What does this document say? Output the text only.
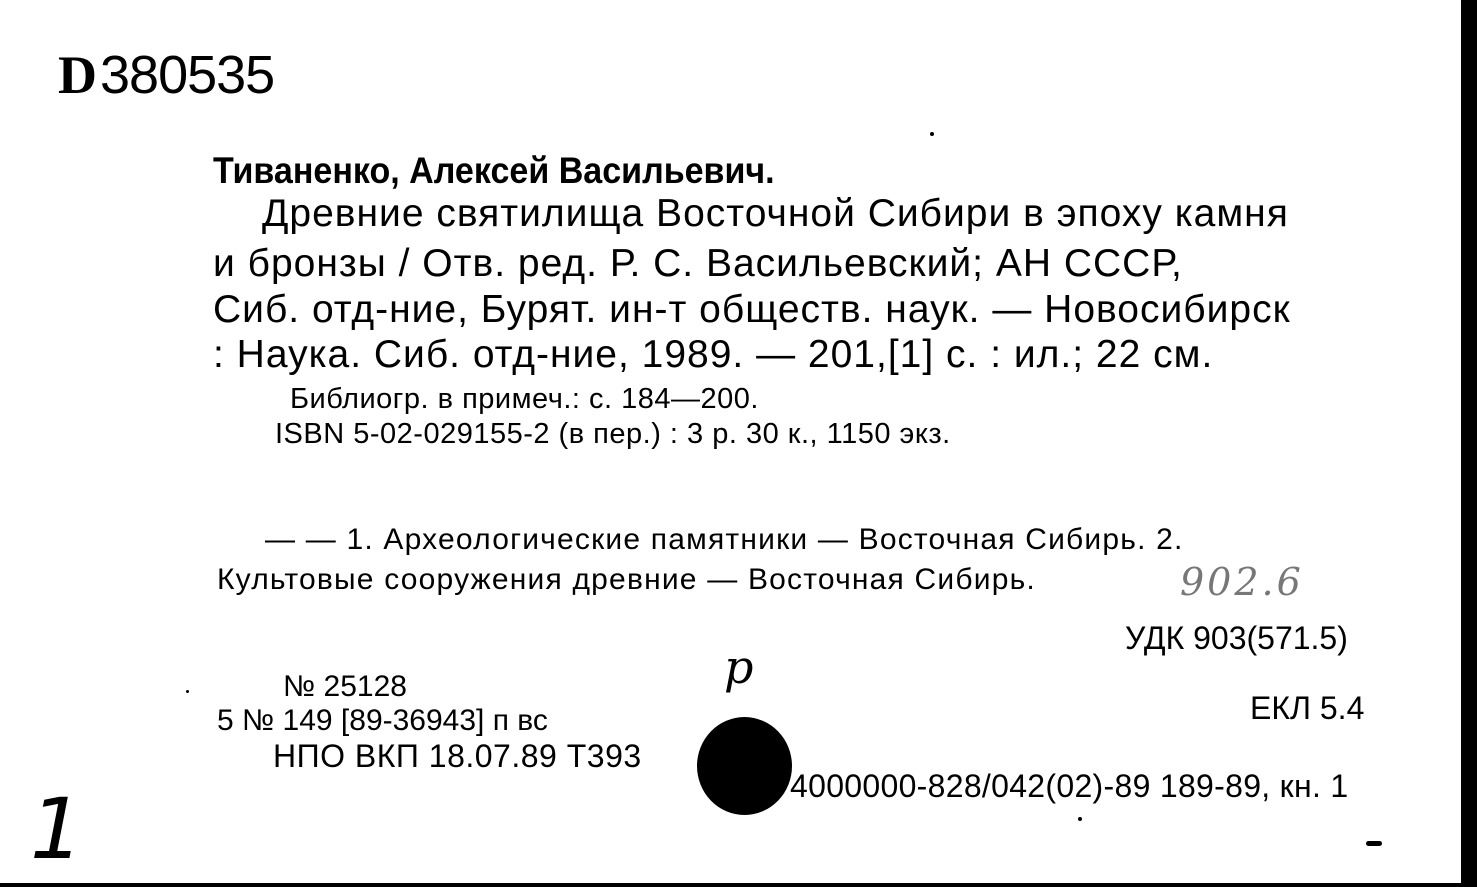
D380535
Тиваненко, Алексей Васильевич.
Древние святилища Восточной Сибири в эпоху камня
и бронзы / Отв. ред. Р. С. Васильевский; АН СССР,
Сиб. отд-ние, Бурят. ин-т обществ. наук. — Новосибирск
: Наука. Сиб. отд-ние, 1989. — 201,[1] с. : ил.; 22 см.
Библиогр. в примеч.: с. 184—200.
ISBN 5-02-029155-2 (в пер.) : 3 р. 30 к., 1150 экз.
— — 1. Археологические памятники — Восточная Сибирь. 2.
Культовые сооружения древние — Восточная Сибирь.	902.6
УДК 903(571.5)
ЕКЛ 5.4
№ 25128
5 № 149 [89-36943] п вс
НПО ВКП 18.07.89 Т393
4000000-828/042(02)-89 189-89, кн. 1
p
1
